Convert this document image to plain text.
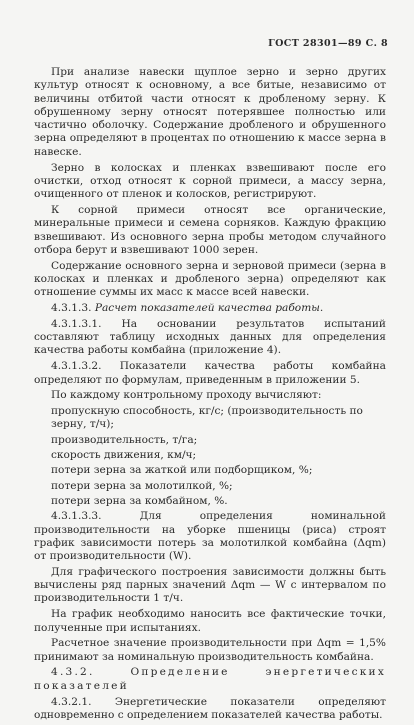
ГОСТ 28301—89 С. 8

При анализе навески щуплое зерно и зерно других культур относят к основному, а все битые, независимо от величины отбитой части относят к дробленому зерну. К обрушенному зерну относят потерявшее полностью или частично оболочку. Содержание дробленого и обрушенного зерна определяют в процентах по отношению к массе зерна в навеске.

Зерно в колосках и пленках взвешивают после его очистки, отход относят к сорной примеси, а массу зерна, очищенного от пленок и колосков, регистрируют.

К сорной примеси относят все органические, минеральные примеси и семена сорняков. Каждую фракцию взвешивают. Из основного зерна пробы методом случайного отбора берут и взвешивают 1000 зерен.

Содержание основного зерна и зерновой примеси (зерна в колосках и пленках и дробленого зерна) определяют как отношение суммы их масс к массе всей навески.

4.3.1.3. Расчет показателей качества работы.

4.3.1.3.1. На основании результатов испытаний составляют таблицу исходных данных для определения качества работы комбайна (приложение 4).

4.3.1.3.2. Показатели качества работы комбайна определяют по формулам, приведенным в приложении 5.

По каждому контрольному проходу вычисляют:

пропускную способность, кг/с; (производительность по зерну, т/ч);
производительность, т/га;
скорость движения, км/ч;
потери зерна за жаткой или подборщиком, %;
потери зерна за молотилкой, %;
потери зерна за комбайном, %.

4.3.1.3.3. Для определения номинальной производительности на уборке пшеницы (риса) строят график зависимости потерь за молотилкой комбайна (Δqm) от производительности (W).

Для графического построения зависимости должны быть вычислены ряд парных значений Δqm — W с интервалом по производительности 1 т/ч.

На график необходимо наносить все фактические точки, полученные при испытаниях.

Расчетное значение производительности при Δqm = 1,5% принимают за номинальную производительность комбайна.

4.3.2. Определение энергетических показателей

4.3.2.1. Энергетические показатели определяют одновременно с определением показателей качества работы.
